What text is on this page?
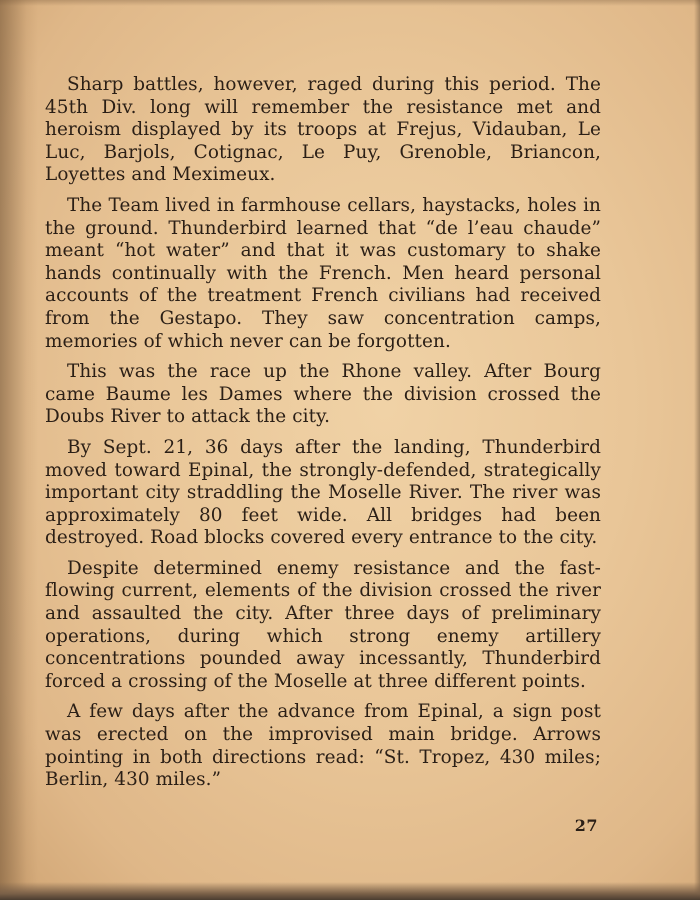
Sharp battles, however, raged during this period. The 45th Div. long will remember the resistance met and heroism displayed by its troops at Frejus, Vidauban, Le Luc, Barjols, Cotignac, Le Puy, Grenoble, Briancon, Loyettes and Meximeux.

The Team lived in farmhouse cellars, haystacks, holes in the ground. Thunderbird learned that “de l’eau chaude” meant “hot water” and that it was customary to shake hands continually with the French. Men heard personal accounts of the treatment French civilians had received from the Gestapo. They saw concentration camps, memories of which never can be forgotten.

This was the race up the Rhone valley. After Bourg came Baume les Dames where the division crossed the Doubs River to attack the city.

By Sept. 21, 36 days after the landing, Thunderbird moved toward Epinal, the strongly-defended, strategically important city straddling the Moselle River. The river was approximately 80 feet wide. All bridges had been destroyed. Road blocks covered every entrance to the city.

Despite determined enemy resistance and the fast-flowing current, elements of the division crossed the river and assaulted the city. After three days of preliminary operations, during which strong enemy artillery concentrations pounded away incessantly, Thunderbird forced a crossing of the Moselle at three different points.

A few days after the advance from Epinal, a sign post was erected on the improvised main bridge. Arrows pointing in both directions read: “St. Tropez, 430 miles; Berlin, 430 miles.”

27
